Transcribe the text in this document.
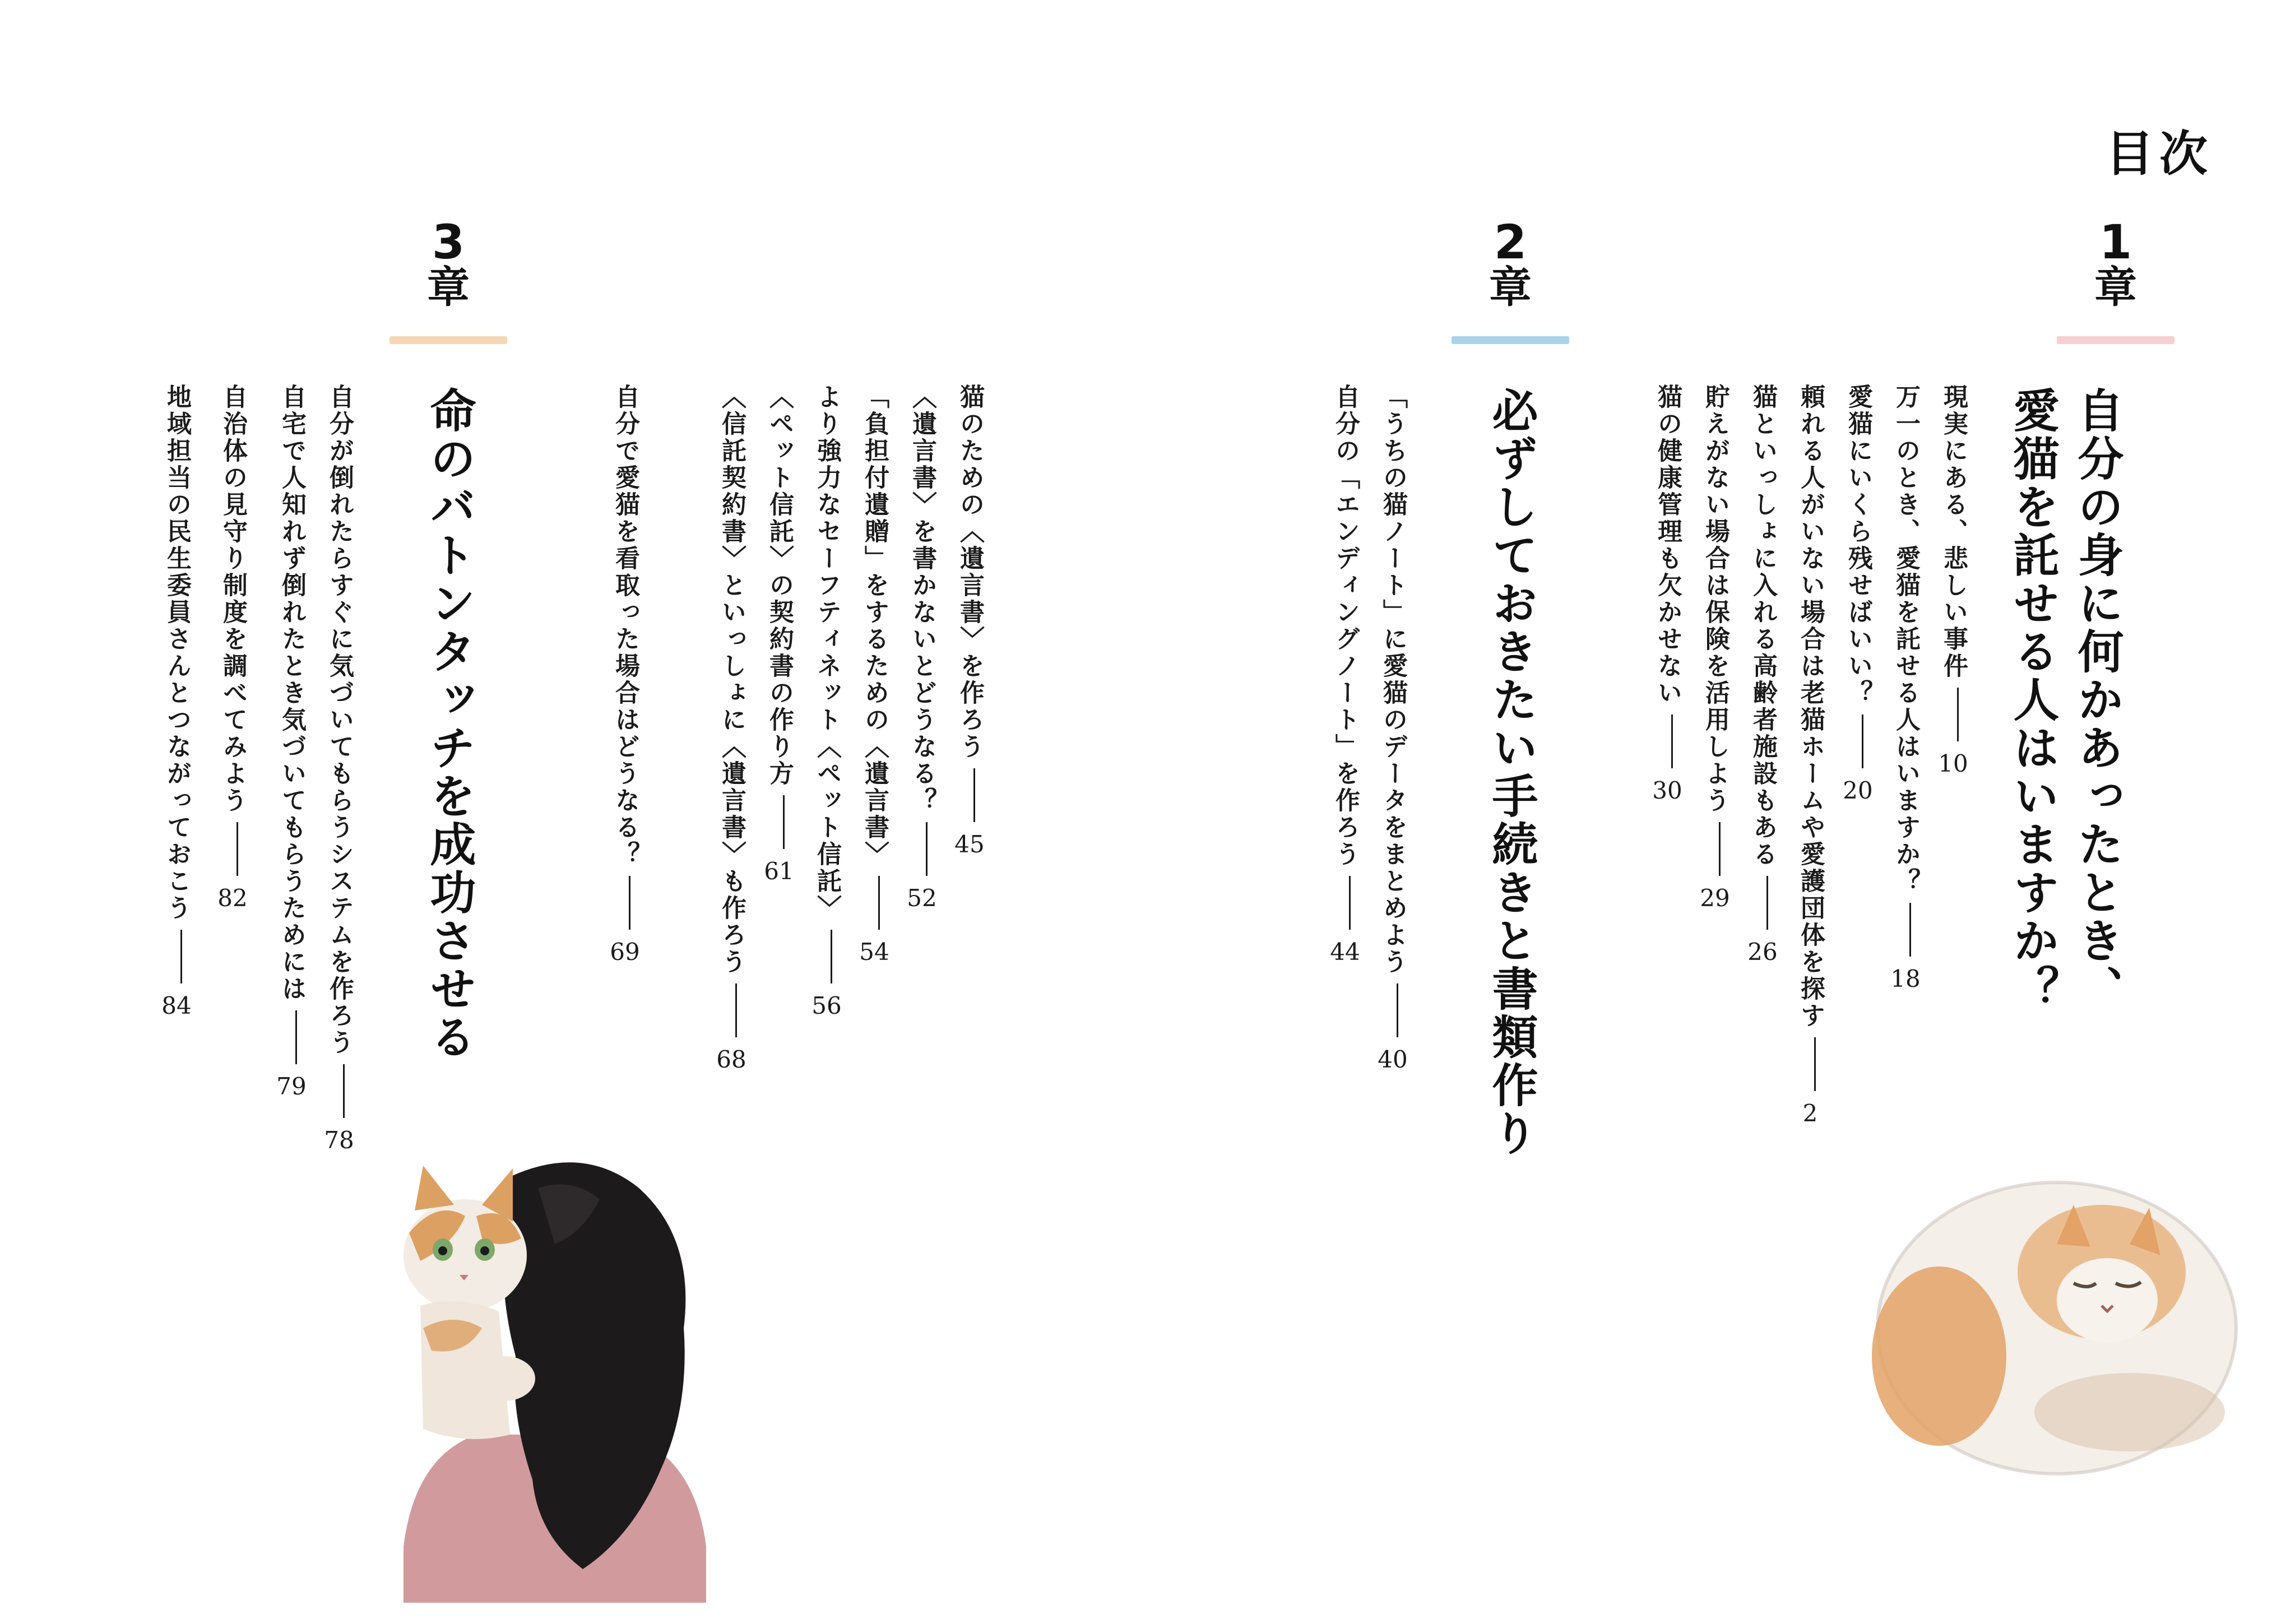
目次
1
章
自分の身に何かあったとき、
愛猫を託せる人はいますか？
現実にある、悲しい事件10
万一のとき、愛猫を託せる人はいますか？18
愛猫にいくら残せばいい？20
頼れる人がいない場合は老猫ホームや愛護団体を探す2
猫といっしょに入れる高齢者施設もある26
貯えがない場合は保険を活用しよう29
猫の健康管理も欠かせない30
2
章
必ずしておきたい手続きと書類作り
「うちの猫ノート」に愛猫のデータをまとめよう40
自分の「エンディングノート」を作ろう44
3
章
命のバトンタッチを成功させる	猫のための〈遺言書〉を作ろう45
〈遺言書〉を書かないとどうなる？52
「負担付遺贈」をするための〈遺言書〉54
より強力なセーフティネット〈ペット信託〉56
〈ペット信託〉の契約書の作り方61
〈信託契約書〉といっしょに〈遺言書〉も作ろう68
自分で愛猫を看取った場合はどうなる？69
自分が倒れたらすぐに気づいてもらうシステムを作ろう78
自宅で人知れず倒れたとき気づいてもらうためには79
自治体の見守り制度を調べてみよう82
地域担当の民生委員さんとつながっておこう84
